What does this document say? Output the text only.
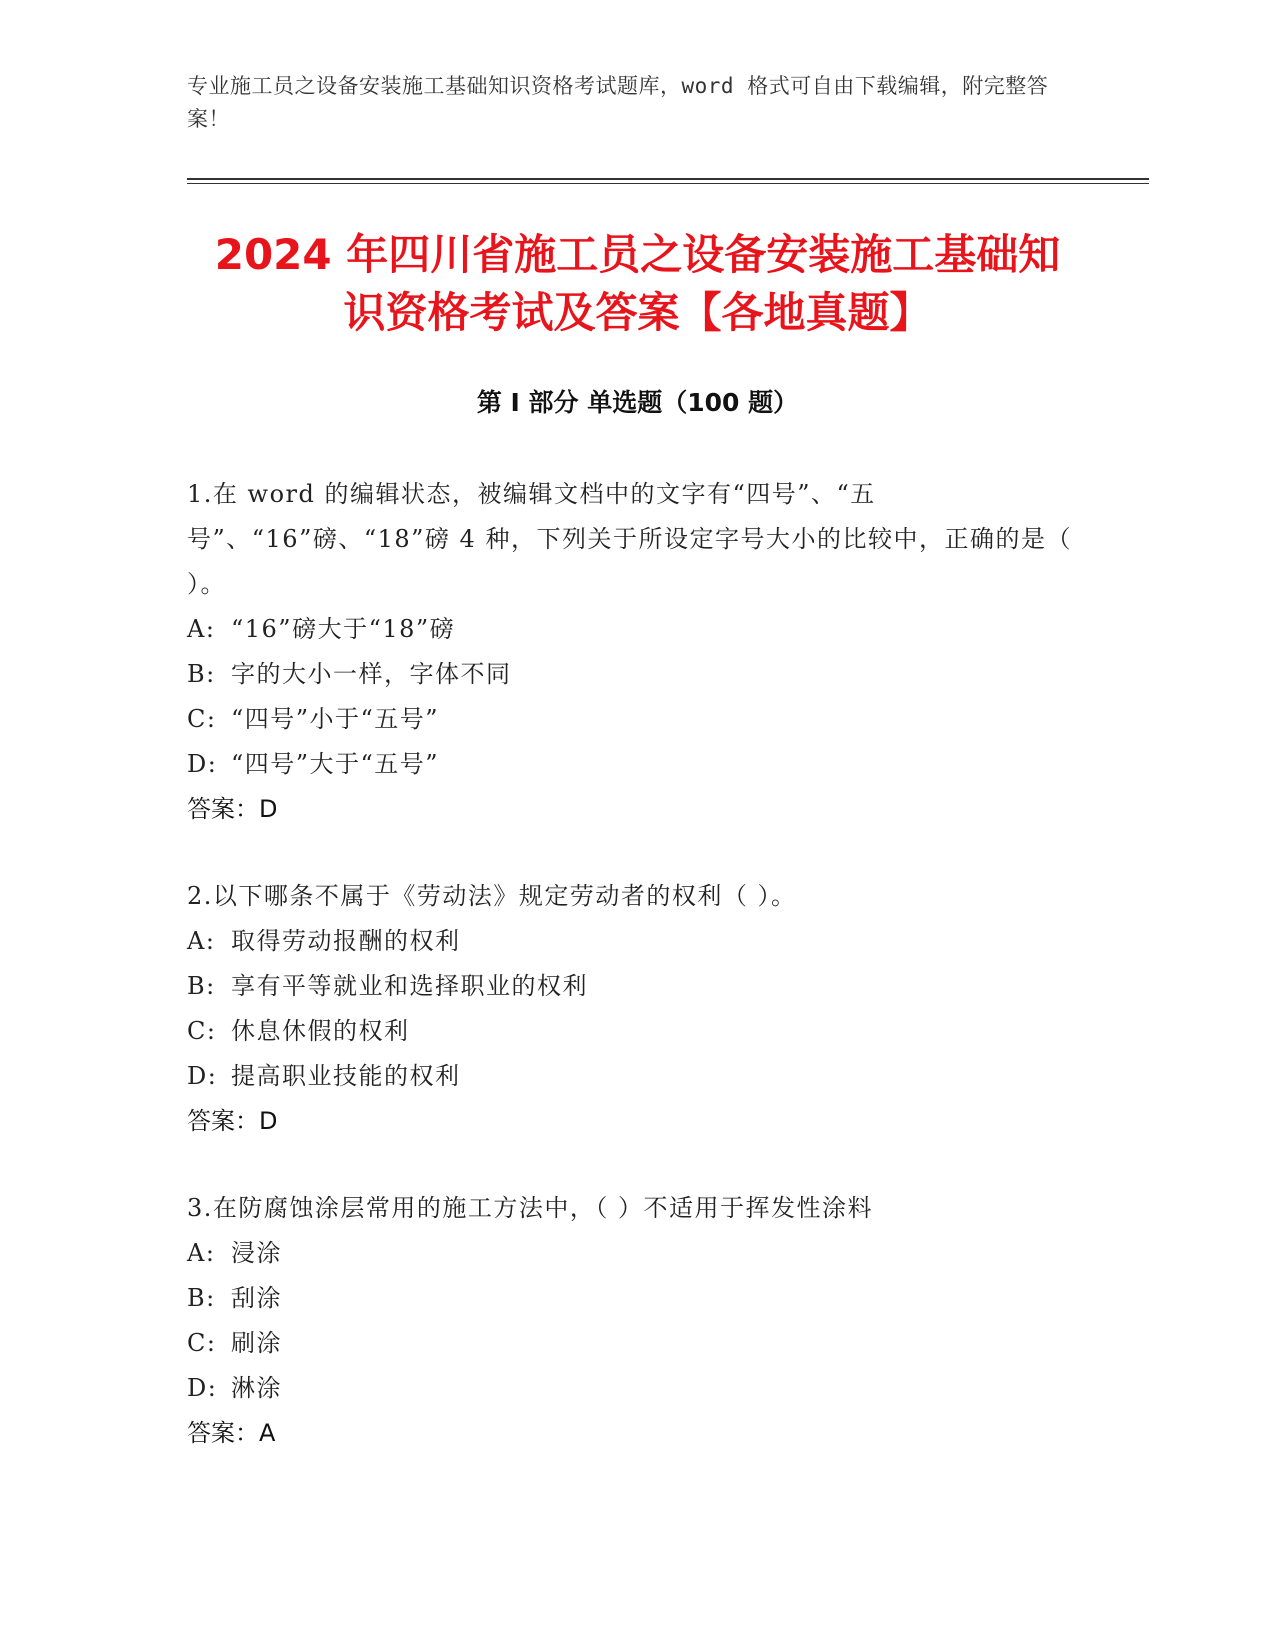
专业施工员之设备安装施工基础知识资格考试题库，word 格式可自由下载编辑，附完整答案！
2024 年四川省施工员之设备安装施工基础知
识资格考试及答案【各地真题】
第 I 部分 单选题（100 题）

1.在 word 的编辑状态，被编辑文档中的文字有“四号”、“五号”、“16”磅、“18”磅 4 种，下列关于所设定字号大小的比较中，正确的是（ ）。

A: “16”磅大于“18”磅

B: 字的大小一样，字体不同

C: “四号”小于“五号”

D: “四号”大于“五号”

答案：D

2.以下哪条不属于《劳动法》规定劳动者的权利（ ）。

A: 取得劳动报酬的权利

B: 享有平等就业和选择职业的权利

C: 休息休假的权利

D: 提高职业技能的权利

答案：D

3.在防腐蚀涂层常用的施工方法中，（ ）不适用于挥发性涂料

A: 浸涂

B: 刮涂

C: 刷涂

D: 淋涂

答案：A
